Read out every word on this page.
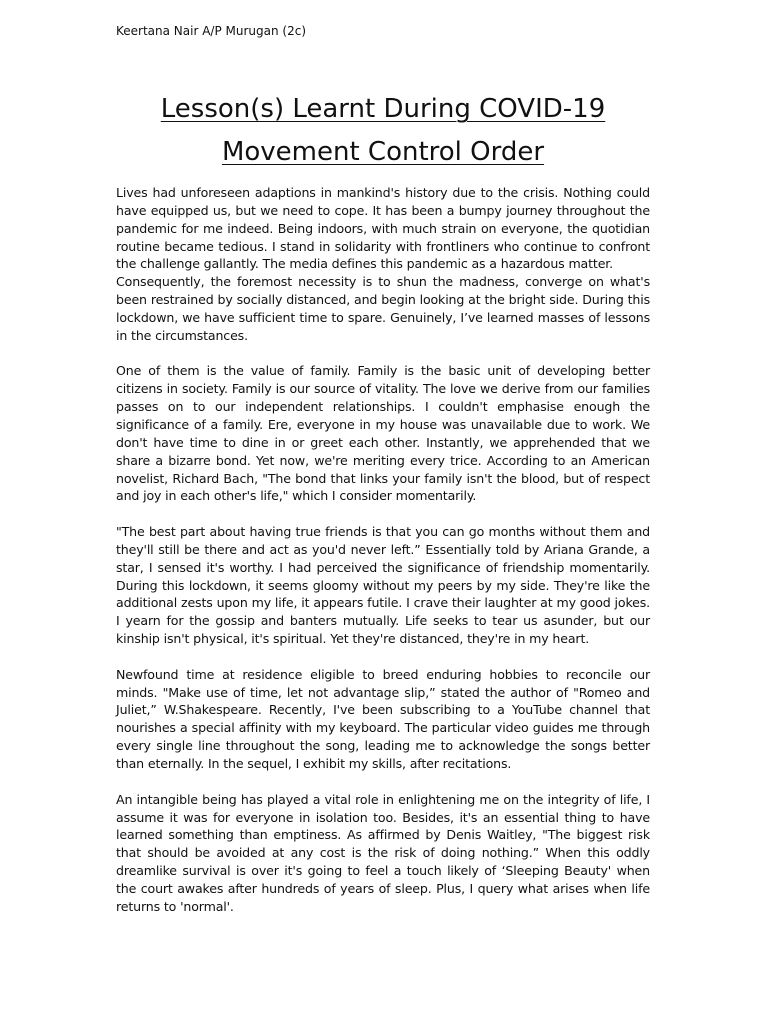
Keertana Nair A/P Murugan (2c)
Lesson(s) Learnt During COVID-19
Movement Control Order

Lives had unforeseen adaptions in mankind's history due to the crisis. Nothing could have equipped us, but we need to cope. It has been a bumpy journey throughout the pandemic for me indeed. Being indoors, with much strain on everyone, the quotidian routine became tedious. I stand in solidarity with frontliners who continue to confront the challenge gallantly. The media defines this pandemic as a hazardous matter.

Consequently, the foremost necessity is to shun the madness, converge on what's been restrained by socially distanced, and begin looking at the bright side. During this lockdown, we have sufficient time to spare. Genuinely, I’ve learned masses of lessons in the circumstances.

One of them is the value of family. Family is the basic unit of developing better citizens in society. Family is our source of vitality. The love we derive from our families passes on to our independent relationships. I couldn't emphasise enough the significance of a family. Ere, everyone in my house was unavailable due to work. We don't have time to dine in or greet each other. Instantly, we apprehended that we share a bizarre bond. Yet now, we're meriting every trice. According to an American novelist, Richard Bach, "The bond that links your family isn't the blood, but of respect and joy in each other's life," which I consider momentarily.

"The best part about having true friends is that you can go months without them and they'll still be there and act as you'd never left.” Essentially told by Ariana Grande, a star, I sensed it's worthy. I had perceived the significance of friendship momentarily. During this lockdown, it seems gloomy without my peers by my side. They're like the additional zests upon my life, it appears futile. I crave their laughter at my good jokes. I yearn for the gossip and banters mutually. Life seeks to tear us asunder, but our kinship isn't physical, it's spiritual. Yet they're distanced, they're in my heart.

Newfound time at residence eligible to breed enduring hobbies to reconcile our minds. "Make use of time, let not advantage slip,” stated the author of "Romeo and Juliet,” W.Shakespeare. Recently, I've been subscribing to a YouTube channel that nourishes a special affinity with my keyboard. The particular video guides me through every single line throughout the song, leading me to acknowledge the songs better than eternally. In the sequel, I exhibit my skills, after recitations.

An intangible being has played a vital role in enlightening me on the integrity of life, I assume it was for everyone in isolation too. Besides, it's an essential thing to have learned something than emptiness. As affirmed by Denis Waitley, "The biggest risk that should be avoided at any cost is the risk of doing nothing.” When this oddly dreamlike survival is over it's going to feel a touch likely of ‘Sleeping Beauty' when the court awakes after hundreds of years of sleep. Plus, I query what arises when life returns to 'normal'.
